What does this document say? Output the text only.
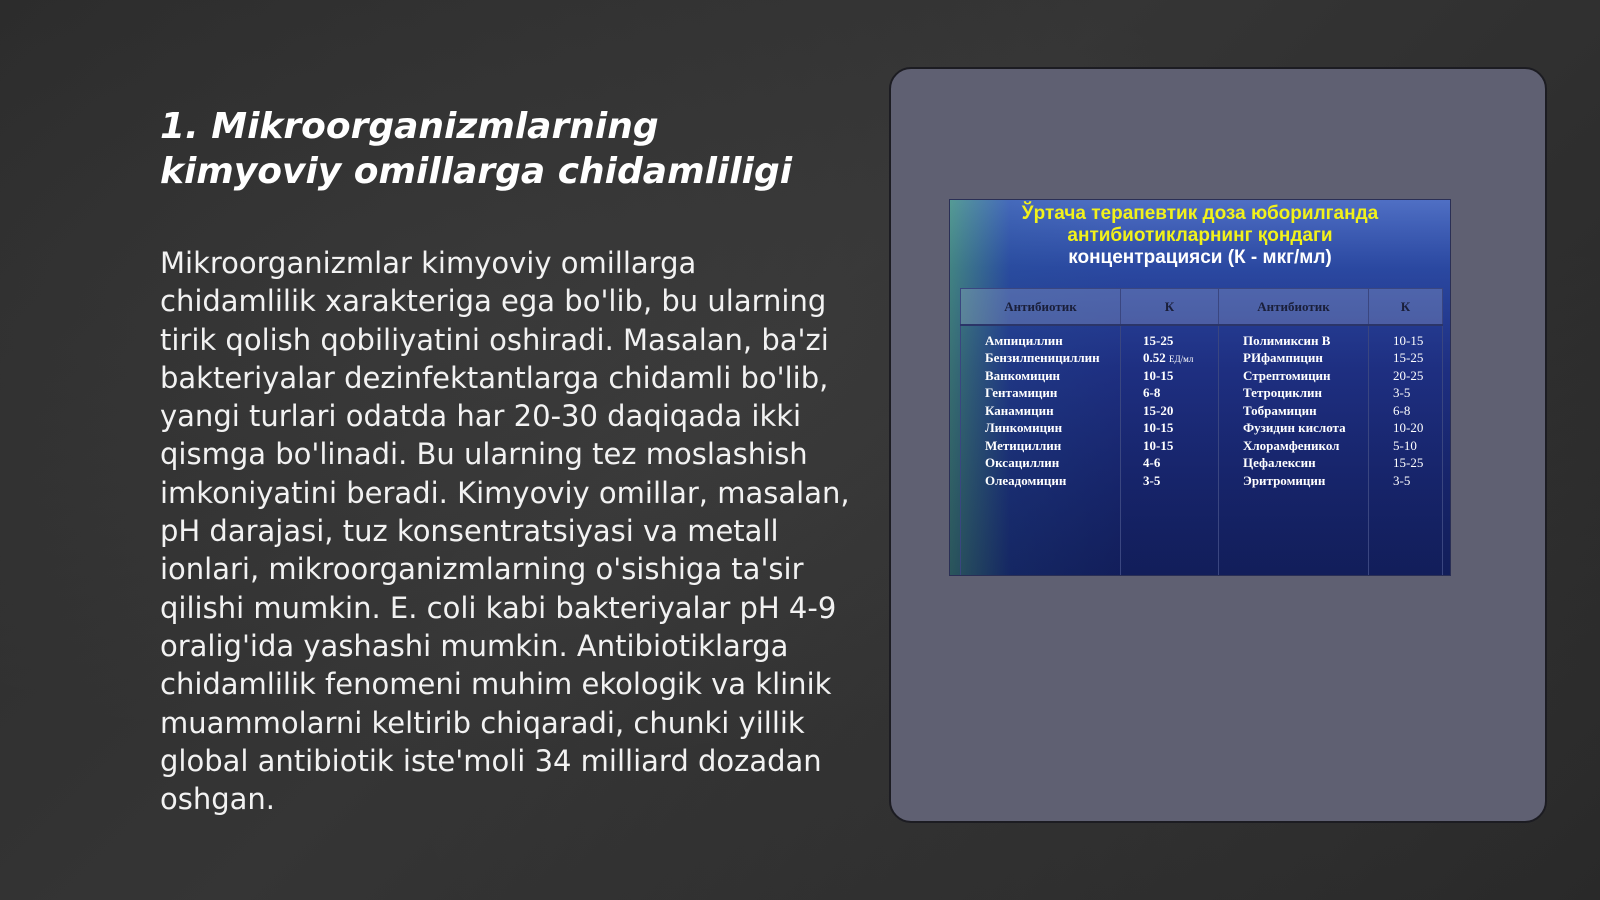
1. Mikroorganizmlarning kimyoviy omillarga chidamliligi

Mikroorganizmlar kimyoviy omillarga chidamlilik xarakteriga ega bo'lib, bu ularning tirik qolish qobiliyatini oshiradi. Masalan, ba'zi bakteriyalar dezinfektantlarga chidamli bo'lib, yangi turlari odatda har 20-30 daqiqada ikki qismga bo'linadi. Bu ularning tez moslashish imkoniyatini beradi. Kimyoviy omillar, masalan, pH darajasi, tuz konsentratsiyasi va metall ionlari, mikroorganizmlarning o'sishiga ta'sir qilishi mumkin. E. coli kabi bakteriyalar pH 4-9 oralig'ida yashashi mumkin. Antibiotiklarga chidamlilik fenomeni muhim ekologik va klinik muammolarni keltirib chiqaradi, chunki yillik global antibiotik iste'moli 34 milliard dozadan oshgan.

Ўртача терапевтик доза юборилганда
антибиотикларнинг қондаги
концентрацияси (К - мкг/мл)
Антибиотик	К	Антибиотик	К
Ампициллин	15-25	Полимиксин В	10-15
Бензилпенициллин	0.52 ЕД/мл	РИфампицин	15-25
Ванкомицин	10-15	Стрептомицин	20-25
Гентамицин	6-8	Тетроциклин	3-5
Канамицин	15-20	Тобрамицин	6-8
Линкомицин	10-15	Фузидин кислота	10-20
Метициллин	10-15	Хлорамфеникол	5-10
Оксациллин	4-6	Цефалексин	15-25
Олеадомицин	3-5	Эритромицин	3-5
